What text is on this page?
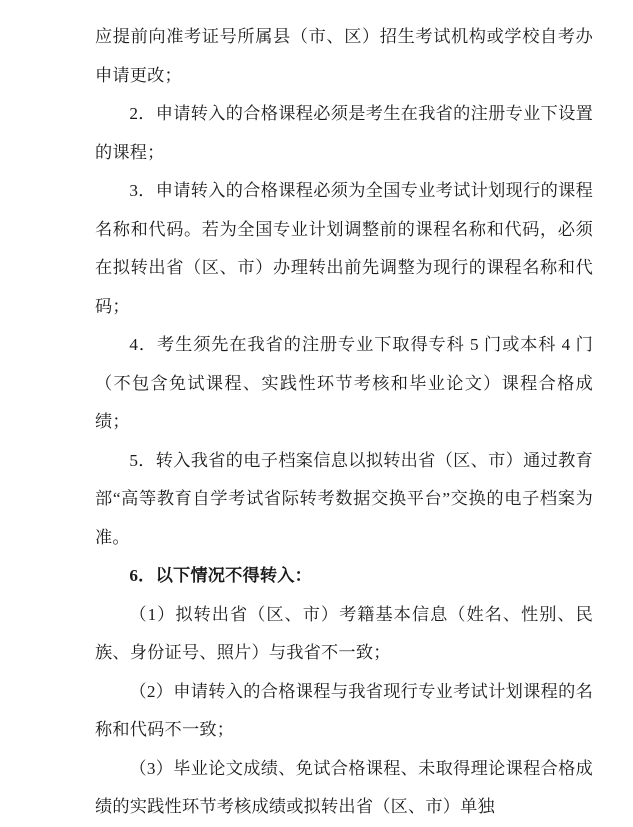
应提前向准考证号所属县（市、区）招生考试机构或学校自考办申请更改；

2．申请转入的合格课程必须是考生在我省的注册专业下设置的课程；

3．申请转入的合格课程必须为全国专业考试计划现行的课程名称和代码。若为全国专业计划调整前的课程名称和代码，必须在拟转出省（区、市）办理转出前先调整为现行的课程名称和代码；

4．考生须先在我省的注册专业下取得专科 5 门或本科 4 门（不包含免试课程、实践性环节考核和毕业论文）课程合格成绩；

5．转入我省的电子档案信息以拟转出省（区、市）通过教育部“高等教育自学考试省际转考数据交换平台”交换的电子档案为准。

6．以下情况不得转入：

（1）拟转出省（区、市）考籍基本信息（姓名、性别、民族、身份证号、照片）与我省不一致；

（2）申请转入的合格课程与我省现行专业考试计划课程的名称和代码不一致；

（3）毕业论文成绩、免试合格课程、未取得理论课程合格成绩的实践性环节考核成绩或拟转出省（区、市）单独
